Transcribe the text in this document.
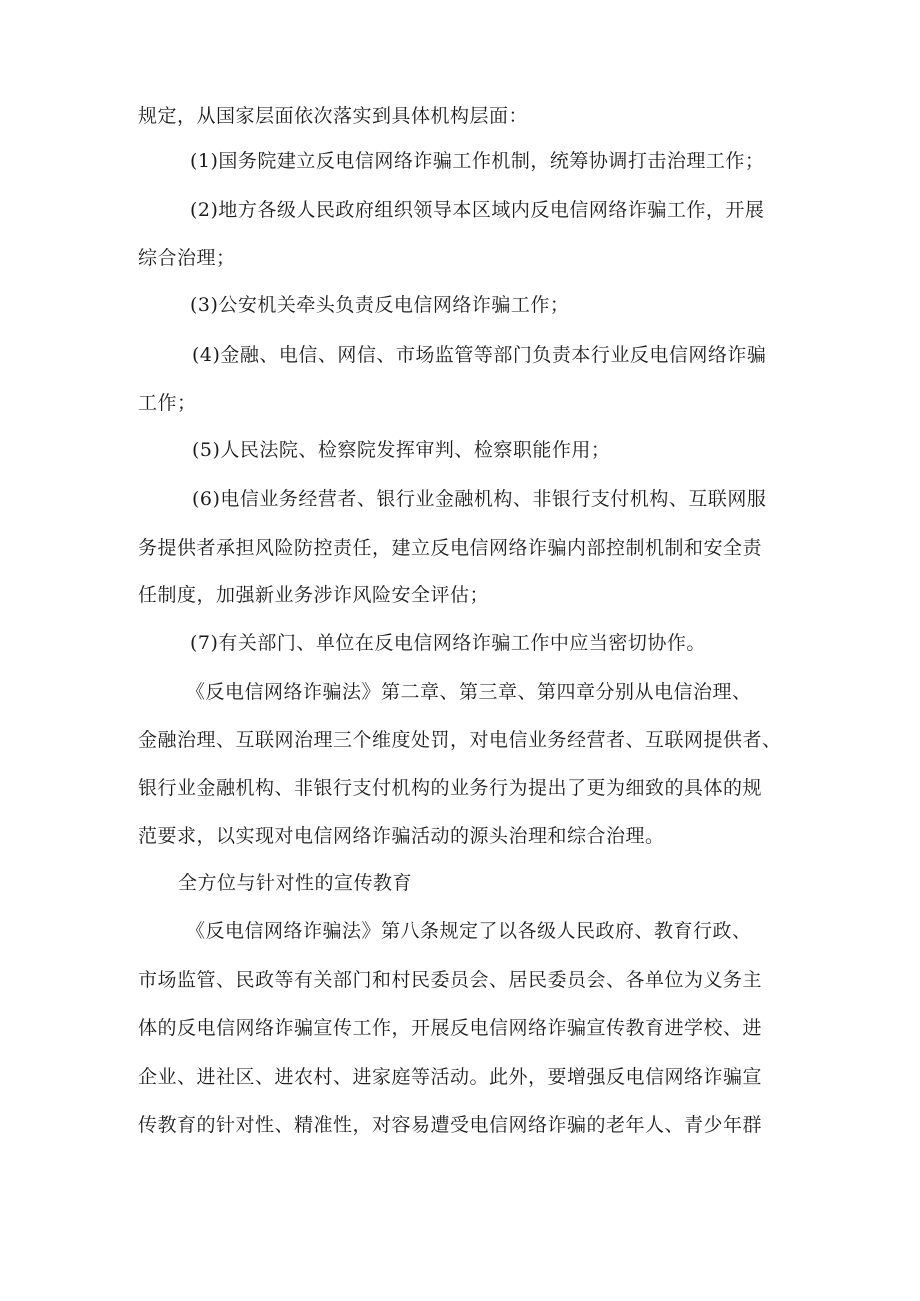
规定，从国家层面依次落实到具体机构层面：
(1)国务院建立反电信网络诈骗工作机制，统筹协调打击治理工作；
(2)地方各级人民政府组织领导本区域内反电信网络诈骗工作，开展
综合治理；
(3)公安机关牵头负责反电信网络诈骗工作；
(4)金融、电信、网信、市场监管等部门负责本行业反电信网络诈骗
工作；
(5)人民法院、检察院发挥审判、检察职能作用；
(6)电信业务经营者、银行业金融机构、非银行支付机构、互联网服
务提供者承担风险防控责任，建立反电信网络诈骗内部控制机制和安全责
任制度，加强新业务涉诈风险安全评估；
(7)有关部门、单位在反电信网络诈骗工作中应当密切协作。
《反电信网络诈骗法》第二章、第三章、第四章分别从电信治理、
金融治理、互联网治理三个维度处罚，对电信业务经营者、互联网提供者、
银行业金融机构、非银行支付机构的业务行为提出了更为细致的具体的规
范要求，以实现对电信网络诈骗活动的源头治理和综合治理。
全方位与针对性的宣传教育
《反电信网络诈骗法》第八条规定了以各级人民政府、教育行政、
市场监管、民政等有关部门和村民委员会、居民委员会、各单位为义务主
体的反电信网络诈骗宣传工作，开展反电信网络诈骗宣传教育进学校、进
企业、进社区、进农村、进家庭等活动。此外，要增强反电信网络诈骗宣
传教育的针对性、精准性，对容易遭受电信网络诈骗的老年人、青少年群
